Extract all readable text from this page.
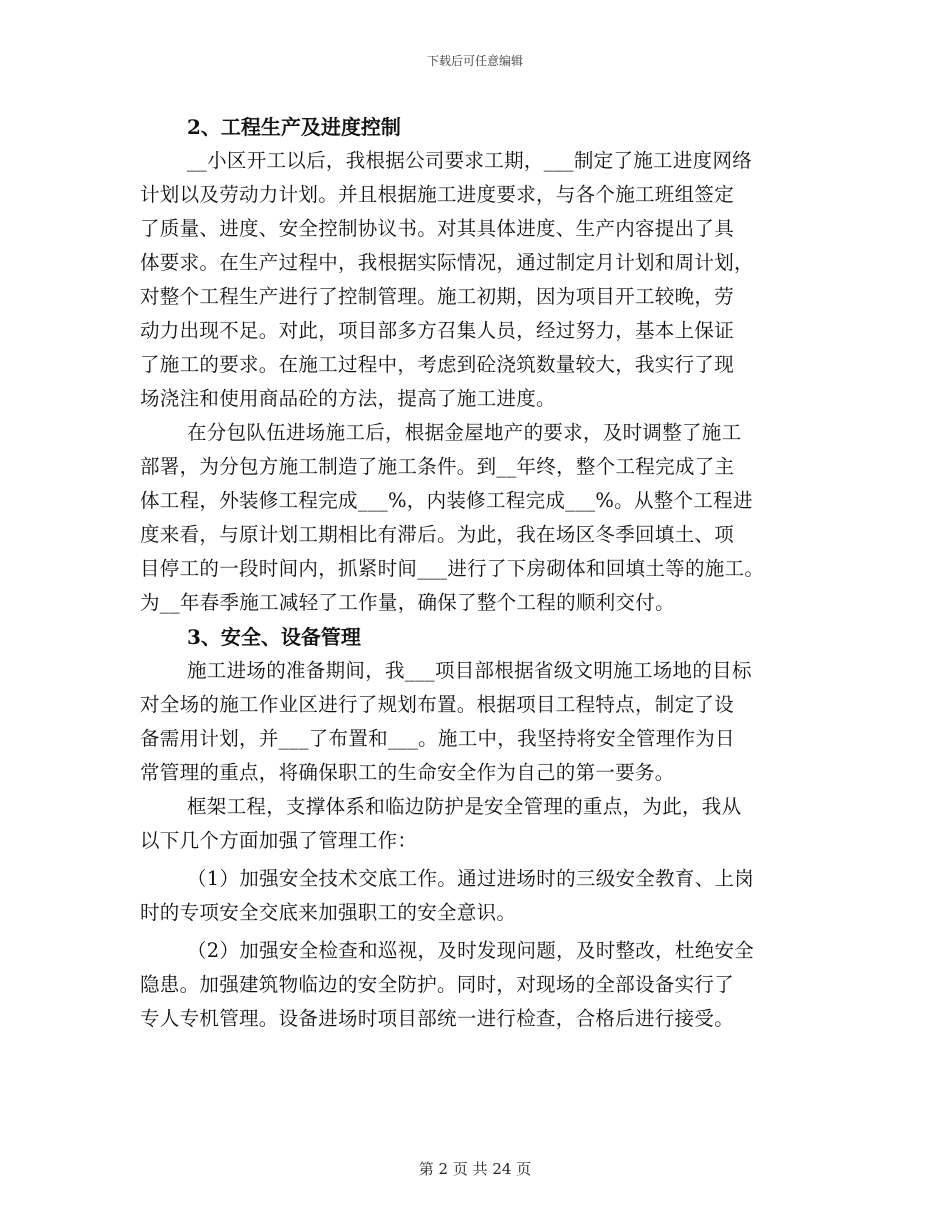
下载后可任意编辑
2、工程生产及进度控制

__小区开工以后，我根据公司要求工期，___制定了施工进度网络
计划以及劳动力计划。并且根据施工进度要求，与各个施工班组签定
了质量、进度、安全控制协议书。对其具体进度、生产内容提出了具
体要求。在生产过程中，我根据实际情况，通过制定月计划和周计划，
对整个工程生产进行了控制管理。施工初期，因为项目开工较晚，劳
动力出现不足。对此，项目部多方召集人员，经过努力，基本上保证
了施工的要求。在施工过程中，考虑到砼浇筑数量较大，我实行了现
场浇注和使用商品砼的方法，提高了施工进度。

在分包队伍进场施工后，根据金屋地产的要求，及时调整了施工
部署，为分包方施工制造了施工条件。到__年终，整个工程完成了主
体工程，外装修工程完成___%，内装修工程完成___%。从整个工程进
度来看，与原计划工期相比有滞后。为此，我在场区冬季回填土、项
目停工的一段时间内，抓紧时间___进行了下房砌体和回填土等的施工。
为__年春季施工减轻了工作量，确保了整个工程的顺利交付。

3、安全、设备管理

施工进场的准备期间，我___项目部根据省级文明施工场地的目标
对全场的施工作业区进行了规划布置。根据项目工程特点，制定了设
备需用计划，并___了布置和___。施工中，我坚持将安全管理作为日
常管理的重点，将确保职工的生命安全作为自己的第一要务。

框架工程，支撑体系和临边防护是安全管理的重点，为此，我从
以下几个方面加强了管理工作：

（1）加强安全技术交底工作。通过进场时的三级安全教育、上岗
时的专项安全交底来加强职工的安全意识。

（2）加强安全检查和巡视，及时发现问题，及时整改，杜绝安全
隐患。加强建筑物临边的安全防护。同时，对现场的全部设备实行了
专人专机管理。设备进场时项目部统一进行检查，合格后进行接受。

第 2 页 共 24 页
